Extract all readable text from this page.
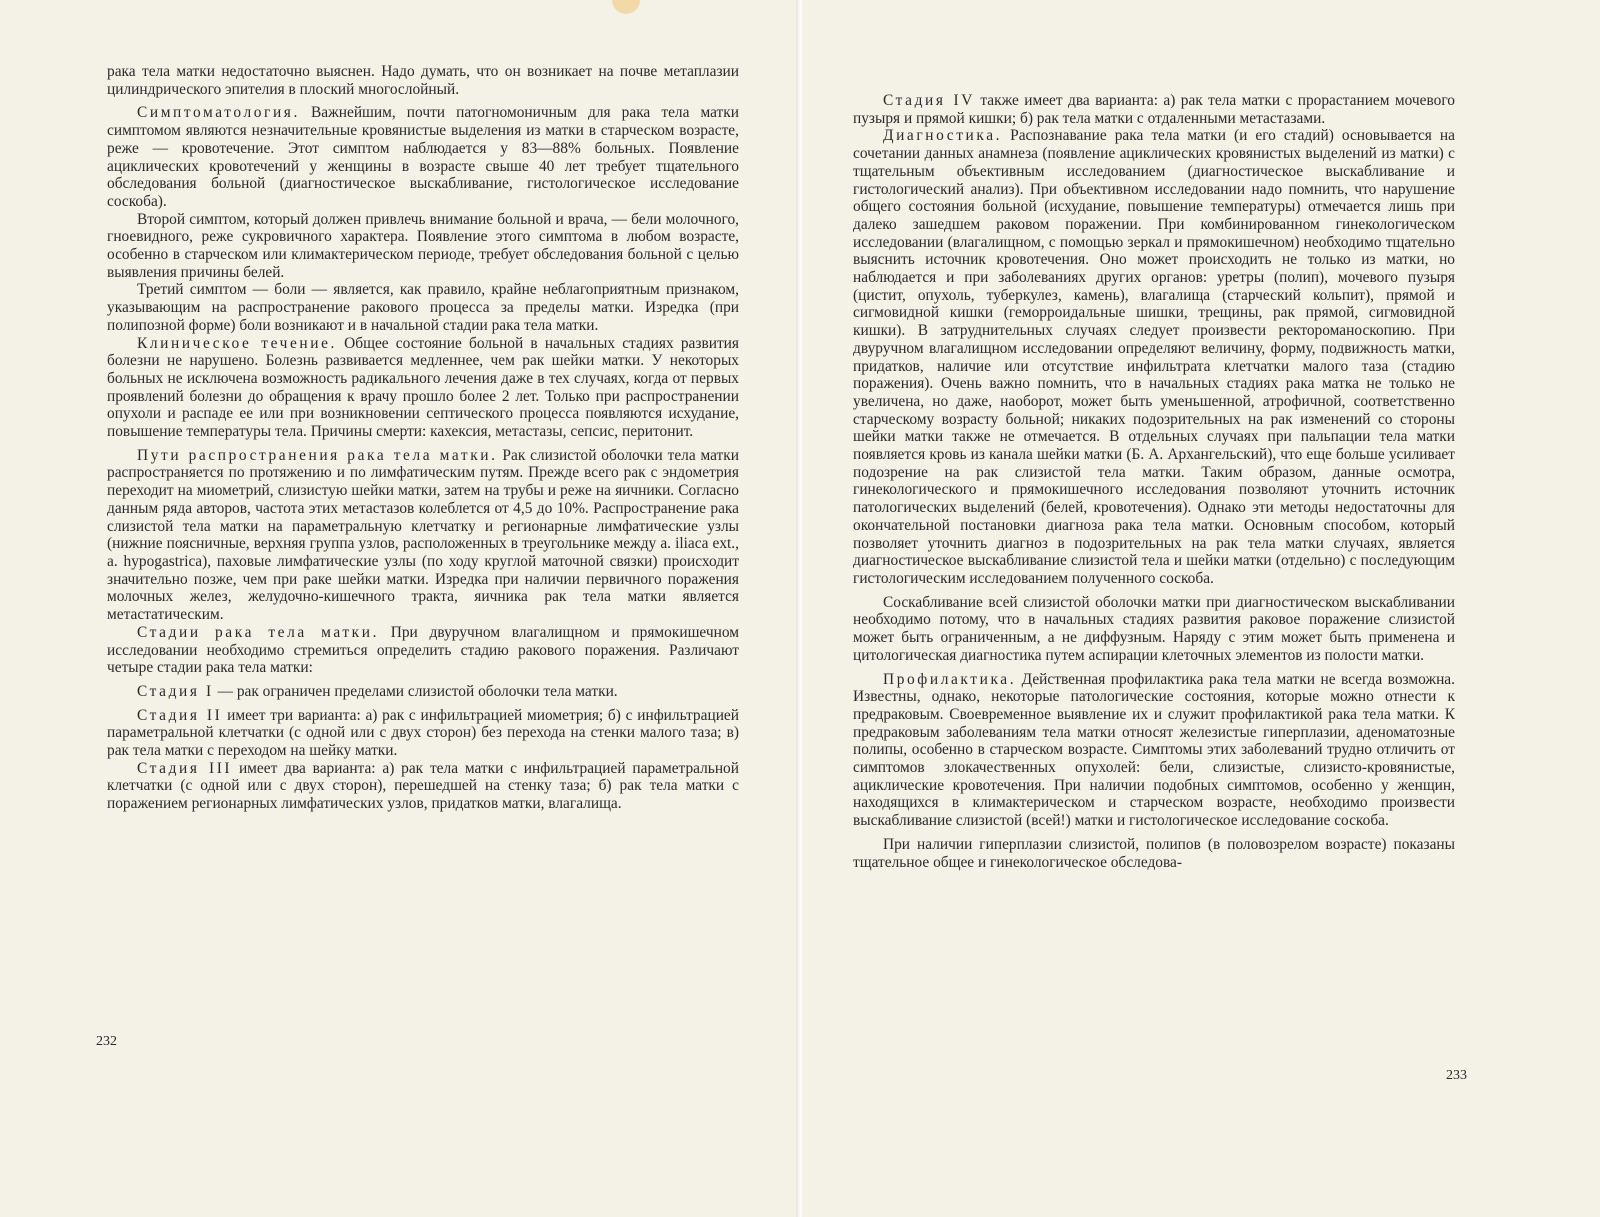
рака тела матки недостаточно выяснен. Надо думать, что он возникает на почве метаплазии цилиндрического эпителия в плоский многослойный.

Симптоматология. Важнейшим, почти патогномоничным для рака тела матки симптомом являются незначительные кровянистые выделения из матки в старческом возрасте, реже — кровотечение. Этот симптом наблюдается у 83—88% больных. Появление ациклических кровотечений у женщины в возрасте свыше 40 лет требует тщательного обследования больной (диагностическое выскабливание, гистологическое исследование соскоба).

Второй симптом, который должен привлечь внимание больной и врача, — бели молочного, гноевидного, реже сукровичного характера. Появление этого симптома в любом возрасте, особенно в старческом или климактерическом периоде, требует обследования больной с целью выявления причины белей.

Третий симптом — боли — является, как правило, крайне неблагоприятным признаком, указывающим на распространение ракового процесса за пределы матки. Изредка (при полипозной форме) боли возникают и в начальной стадии рака тела матки.

Клиническое течение. Общее состояние больной в начальных стадиях развития болезни не нарушено. Болезнь развивается медленнее, чем рак шейки матки. У некоторых больных не исключена возможность радикального лечения даже в тех случаях, когда от первых проявлений болезни до обращения к врачу прошло более 2 лет. Только при распространении опухоли и распаде ее или при возникновении септического процесса появляются исхудание, повышение температуры тела. Причины смерти: кахексия, метастазы, сепсис, перитонит.

Пути распространения рака тела матки. Рак слизистой оболочки тела матки распространяется по протяжению и по лимфатическим путям. Прежде всего рак с эндометрия переходит на миометрий, слизистую шейки матки, затем на трубы и реже на яичники. Согласно данным ряда авторов, частота этих метастазов колеблется от 4,5 до 10%. Распространение рака слизистой тела матки на параметральную клетчатку и регионарные лимфатические узлы (нижние поясничные, верхняя группа узлов, расположенных в треугольнике между a. iliaca ext., a. hypogastrica), паховые лимфатические узлы (по ходу круглой маточной связки) происходит значительно позже, чем при раке шейки матки. Изредка при наличии первичного поражения молочных желез, желудочно-кишечного тракта, яичника рак тела матки является метастатическим.

Стадии рака тела матки. При двуручном влагалищном и прямокишечном исследовании необходимо стремиться определить стадию ракового поражения. Различают четыре стадии рака тела матки:

Стадия I — рак ограничен пределами слизистой оболочки тела матки.

Стадия II имеет три варианта: а) рак с инфильтрацией миометрия; б) с инфильтрацией параметральной клетчатки (с одной или с двух сторон) без перехода на стенки малого таза; в) рак тела матки с переходом на шейку матки.

Стадия III имеет два варианта: а) рак тела матки с инфильтрацией параметральной клетчатки (с одной или с двух сторон), перешедшей на стенку таза; б) рак тела матки с поражением регионарных лимфатических узлов, придатков матки, влагалища.

232

Стадия IV также имеет два варианта: а) рак тела матки с прорастанием мочевого пузыря и прямой кишки; б) рак тела матки с отдаленными метастазами.

Диагностика. Распознавание рака тела матки (и его стадий) основывается на сочетании данных анамнеза (появление ациклических кровянистых выделений из матки) с тщательным объективным исследованием (диагностическое выскабливание и гистологический анализ). При объективном исследовании надо помнить, что нарушение общего состояния больной (исхудание, повышение температуры) отмечается лишь при далеко зашедшем раковом поражении. При комбинированном гинекологическом исследовании (влагалищном, с помощью зеркал и прямокишечном) необходимо тщательно выяснить источник кровотечения. Оно может происходить не только из матки, но наблюдается и при заболеваниях других органов: уретры (полип), мочевого пузыря (цистит, опухоль, туберкулез, камень), влагалища (старческий кольпит), прямой и сигмовидной кишки (геморроидальные шишки, трещины, рак прямой, сигмовидной кишки). В затруднительных случаях следует произвести ректороманоскопию. При двуручном влагалищном исследовании определяют величину, форму, подвижность матки, придатков, наличие или отсутствие инфильтрата клетчатки малого таза (стадию поражения). Очень важно помнить, что в начальных стадиях рака матка не только не увеличена, но даже, наоборот, может быть уменьшенной, атрофичной, соответственно старческому возрасту больной; никаких подозрительных на рак изменений со стороны шейки матки также не отмечается. В отдельных случаях при пальпации тела матки появляется кровь из канала шейки матки (Б. А. Архангельский), что еще больше усиливает подозрение на рак слизистой тела матки. Таким образом, данные осмотра, гинекологического и прямокишечного исследования позволяют уточнить источник патологических выделений (белей, кровотечения). Однако эти методы недостаточны для окончательной постановки диагноза рака тела матки. Основным способом, который позволяет уточнить диагноз в подозрительных на рак тела матки случаях, является диагностическое выскабливание слизистой тела и шейки матки (отдельно) с последующим гистологическим исследованием полученного соскоба.

Соскабливание всей слизистой оболочки матки при диагностическом выскабливании необходимо потому, что в начальных стадиях развития раковое поражение слизистой может быть ограниченным, а не диффузным. Наряду с этим может быть применена и цитологическая диагностика путем аспирации клеточных элементов из полости матки.

Профилактика. Действенная профилактика рака тела матки не всегда возможна. Известны, однако, некоторые патологические состояния, которые можно отнести к предраковым. Своевременное выявление их и служит профилактикой рака тела матки. К предраковым заболеваниям тела матки относят железистые гиперплазии, аденоматозные полипы, особенно в старческом возрасте. Симптомы этих заболеваний трудно отличить от симптомов злокачественных опухолей: бели, слизистые, слизисто-кровянистые, ациклические кровотечения. При наличии подобных симптомов, особенно у женщин, находящихся в климактерическом и старческом возрасте, необходимо произвести выскабливание слизистой (всей!) матки и гистологическое исследование соскоба.

При наличии гиперплазии слизистой, полипов (в половозрелом возрасте) показаны тщательное общее и гинекологическое обследова-

233
